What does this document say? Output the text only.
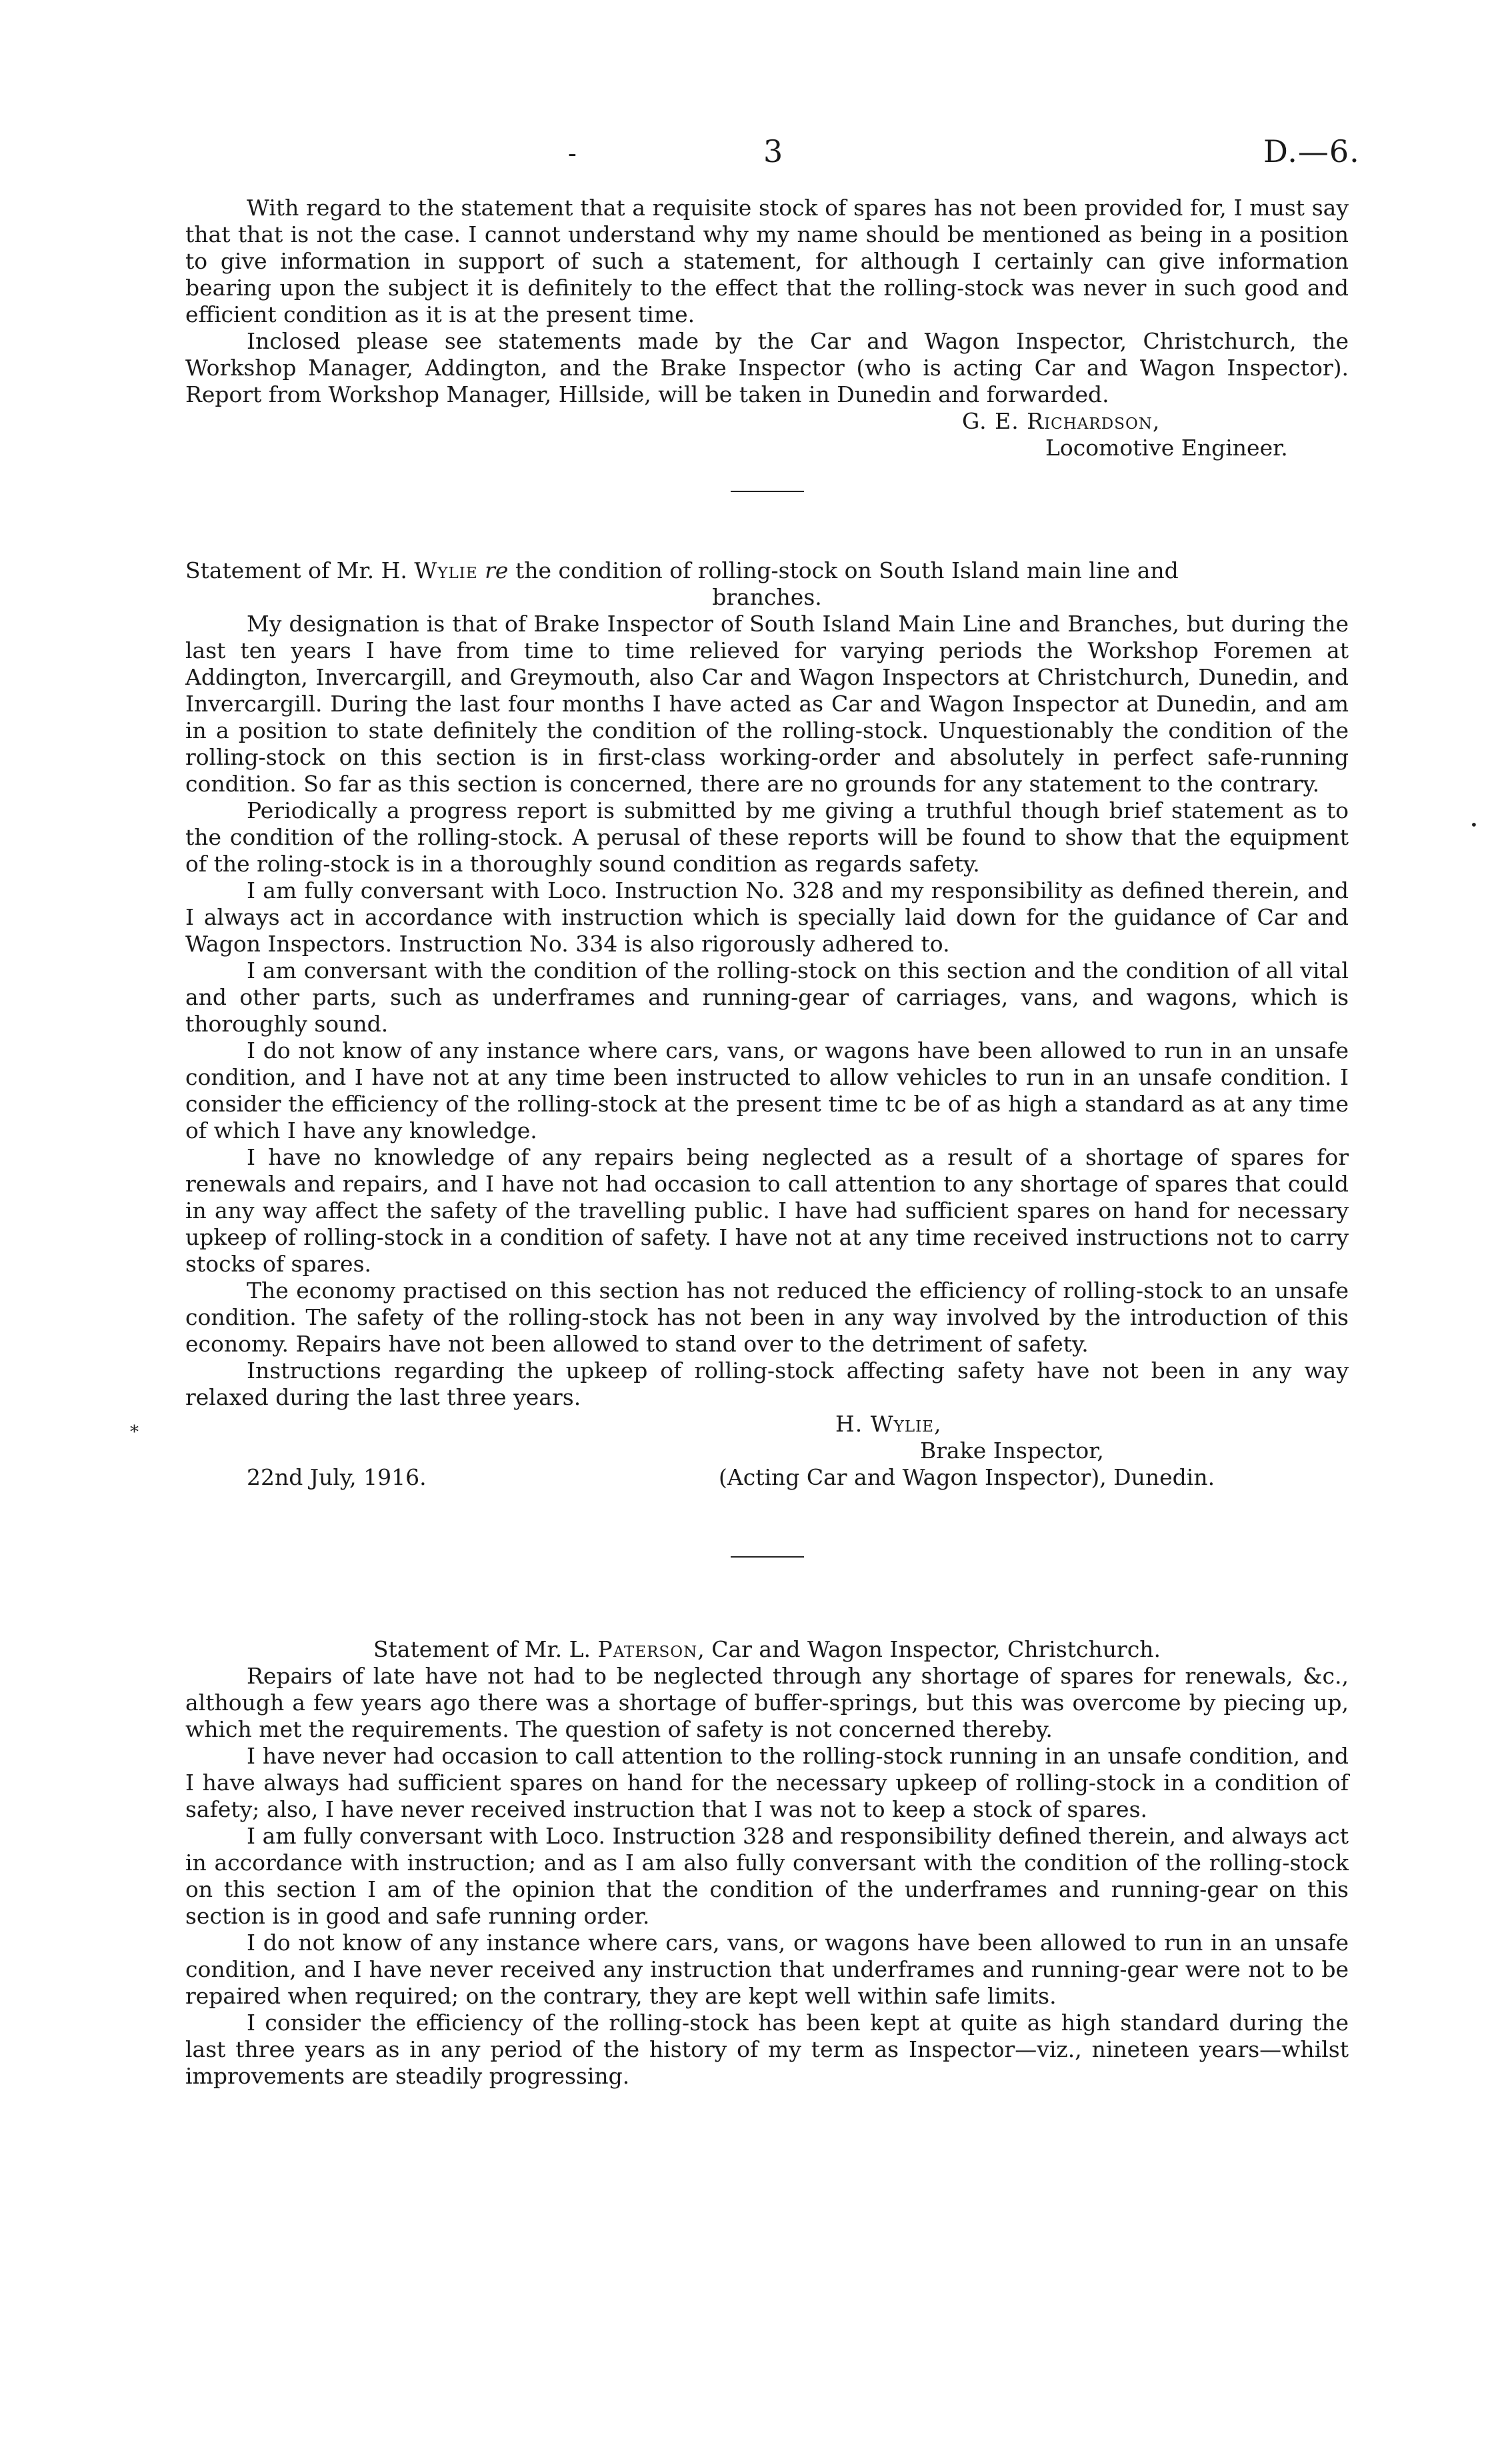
-	3	D.—6.

With regard to the statement that a requisite stock of spares has not been provided for, I must say that that is not the case. I cannot understand why my name should be mentioned as being in a position to give information in support of such a statement, for although I certainly can give information bearing upon the subject it is definitely to the effect that the rolling-stock was never in such good and efficient condition as it is at the present time.

Inclosed please see statements made by the Car and Wagon Inspector, Christchurch, the Workshop Manager, Addington, and the Brake Inspector (who is acting Car and Wagon Inspector). Report from Workshop Manager, Hillside, will be taken in Dunedin and forwarded.

G. E. Richardson,
Locomotive Engineer.

Statement of Mr. H. Wylie re the condition of rolling-stock on South Island main line and

branches.

My designation is that of Brake Inspector of South Island Main Line and Branches, but during the last ten years I have from time to time relieved for varying periods the Workshop Foremen at Addington, Invercargill, and Greymouth, also Car and Wagon Inspectors at Christchurch, Dunedin, and Invercargill. During the last four months I have acted as Car and Wagon Inspector at Dunedin, and am in a position to state definitely the condition of the rolling-stock. Unquestionably the condition of the rolling-stock on this section is in first-class working-order and absolutely in perfect safe-running condition. So far as this section is concerned, there are no grounds for any statement to the contrary.

Periodically a progress report is submitted by me giving a truthful though brief statement as to the condition of the rolling-stock. A perusal of these reports will be found to show that the equipment of the roling-stock is in a thoroughly sound condition as regards safety.

I am fully conversant with Loco. Instruction No. 328 and my responsibility as defined therein, and I always act in accordance with instruction which is specially laid down for the guidance of Car and Wagon Inspectors. Instruction No. 334 is also rigorously adhered to.

I am conversant with the condition of the rolling-stock on this section and the condition of all vital and other parts, such as underframes and running-gear of carriages, vans, and wagons, which is thoroughly sound.

I do not know of any instance where cars, vans, or wagons have been allowed to run in an unsafe condition, and I have not at any time been instructed to allow vehicles to run in an unsafe condition. I consider the efficiency of the rolling-stock at the present time tc be of as high a standard as at any time of which I have any knowledge.

I have no knowledge of any repairs being neglected as a result of a shortage of spares for renewals and repairs, and I have not had occasion to call attention to any shortage of spares that could in any way affect the safety of the travelling public. I have had sufficient spares on hand for necessary upkeep of rolling-stock in a condition of safety. I have not at any time received instructions not to carry stocks of spares.

The economy practised on this section has not reduced the efficiency of rolling-stock to an unsafe condition. The safety of the rolling-stock has not been in any way involved by the introduction of this economy. Repairs have not been allowed to stand over to the detriment of safety.

Instructions regarding the upkeep of rolling-stock affecting safety have not been in any way relaxed during the last three years.

H. Wylie,
Brake Inspector,
22nd July, 1916.	(Acting Car and Wagon Inspector), Dunedin.

Statement of Mr. L. Paterson, Car and Wagon Inspector, Christchurch.

Repairs of late have not had to be neglected through any shortage of spares for renewals, &c., although a few years ago there was a shortage of buffer-springs, but this was overcome by piecing up, which met the requirements. The question of safety is not concerned thereby.

I have never had occasion to call attention to the rolling-stock running in an unsafe condition, and I have always had sufficient spares on hand for the necessary upkeep of rolling-stock in a condition of safety; also, I have never received instruction that I was not to keep a stock of spares.

I am fully conversant with Loco. Instruction 328 and responsibility defined therein, and always act in accordance with instruction; and as I am also fully conversant with the condition of the rolling-stock on this section I am of the opinion that the condition of the underframes and running-gear on this section is in good and safe running order.

I do not know of any instance where cars, vans, or wagons have been allowed to run in an unsafe condition, and I have never received any instruction that underframes and running-gear were not to be repaired when required; on the contrary, they are kept well within safe limits.

I consider the efficiency of the rolling-stock has been kept at quite as high standard during the last three years as in any period of the history of my term as Inspector—viz., nineteen years—whilst improvements are steadily progressing.

•
⁎
